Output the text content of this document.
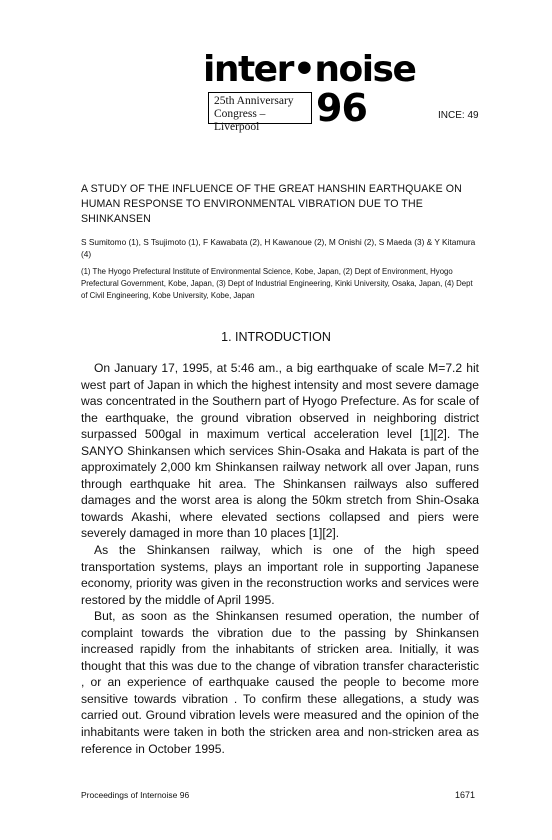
inter•noise
25th Anniversary
Congress – Liverpool	96	INCE: 49
A STUDY OF THE INFLUENCE OF THE GREAT HANSHIN EARTHQUAKE ON HUMAN RESPONSE TO ENVIRONMENTAL VIBRATION DUE TO THE SHINKANSEN
S Sumitomo (1), S Tsujimoto (1), F Kawabata (2), H Kawanoue (2), M Onishi (2), S Maeda (3) & Y Kitamura (4)
(1) The Hyogo Prefectural Institute of Environmental Science, Kobe, Japan, (2) Dept of Environment, Hyogo Prefectural Government, Kobe, Japan, (3) Dept of Industrial Engineering, Kinki University, Osaka, Japan, (4) Dept of Civil Engineering, Kobe University, Kobe, Japan
1. INTRODUCTION

On January 17, 1995, at 5:46 am., a big earthquake of scale M=7.2 hit west part of Japan in which the highest intensity and most severe damage was concentrated in the Southern part of Hyogo Prefecture. As for scale of the earthquake, the ground vibration observed in neighboring district surpassed 500gal in maximum vertical acceleration level [1][2]. The SANYO Shinkansen which services Shin-Osaka and Hakata is part of the approximately 2,000 km Shinkansen railway network all over Japan, runs through earthquake hit area. The Shinkansen railways also suffered damages and the worst area is along the 50km stretch from Shin-Osaka towards Akashi, where elevated sections collapsed and piers were severely damaged in more than 10 places [1][2].

As the Shinkansen railway, which is one of the high speed transportation systems, plays an important role in supporting Japanese economy, priority was given in the reconstruction works and services were restored by the middle of April 1995.

But, as soon as the Shinkansen resumed operation, the number of complaint towards the vibration due to the passing by Shinkansen increased rapidly from the inhabitants of stricken area. Initially, it was thought that this was due to the change of vibration transfer characteristic , or an experience of earthquake caused the people to become more sensitive towards vibration . To confirm these allegations, a study was carried out. Ground vibration levels were measured and the opinion of the inhabitants were taken in both the stricken area and non-stricken area as reference in October 1995.

Proceedings of Internoise 96	1671
